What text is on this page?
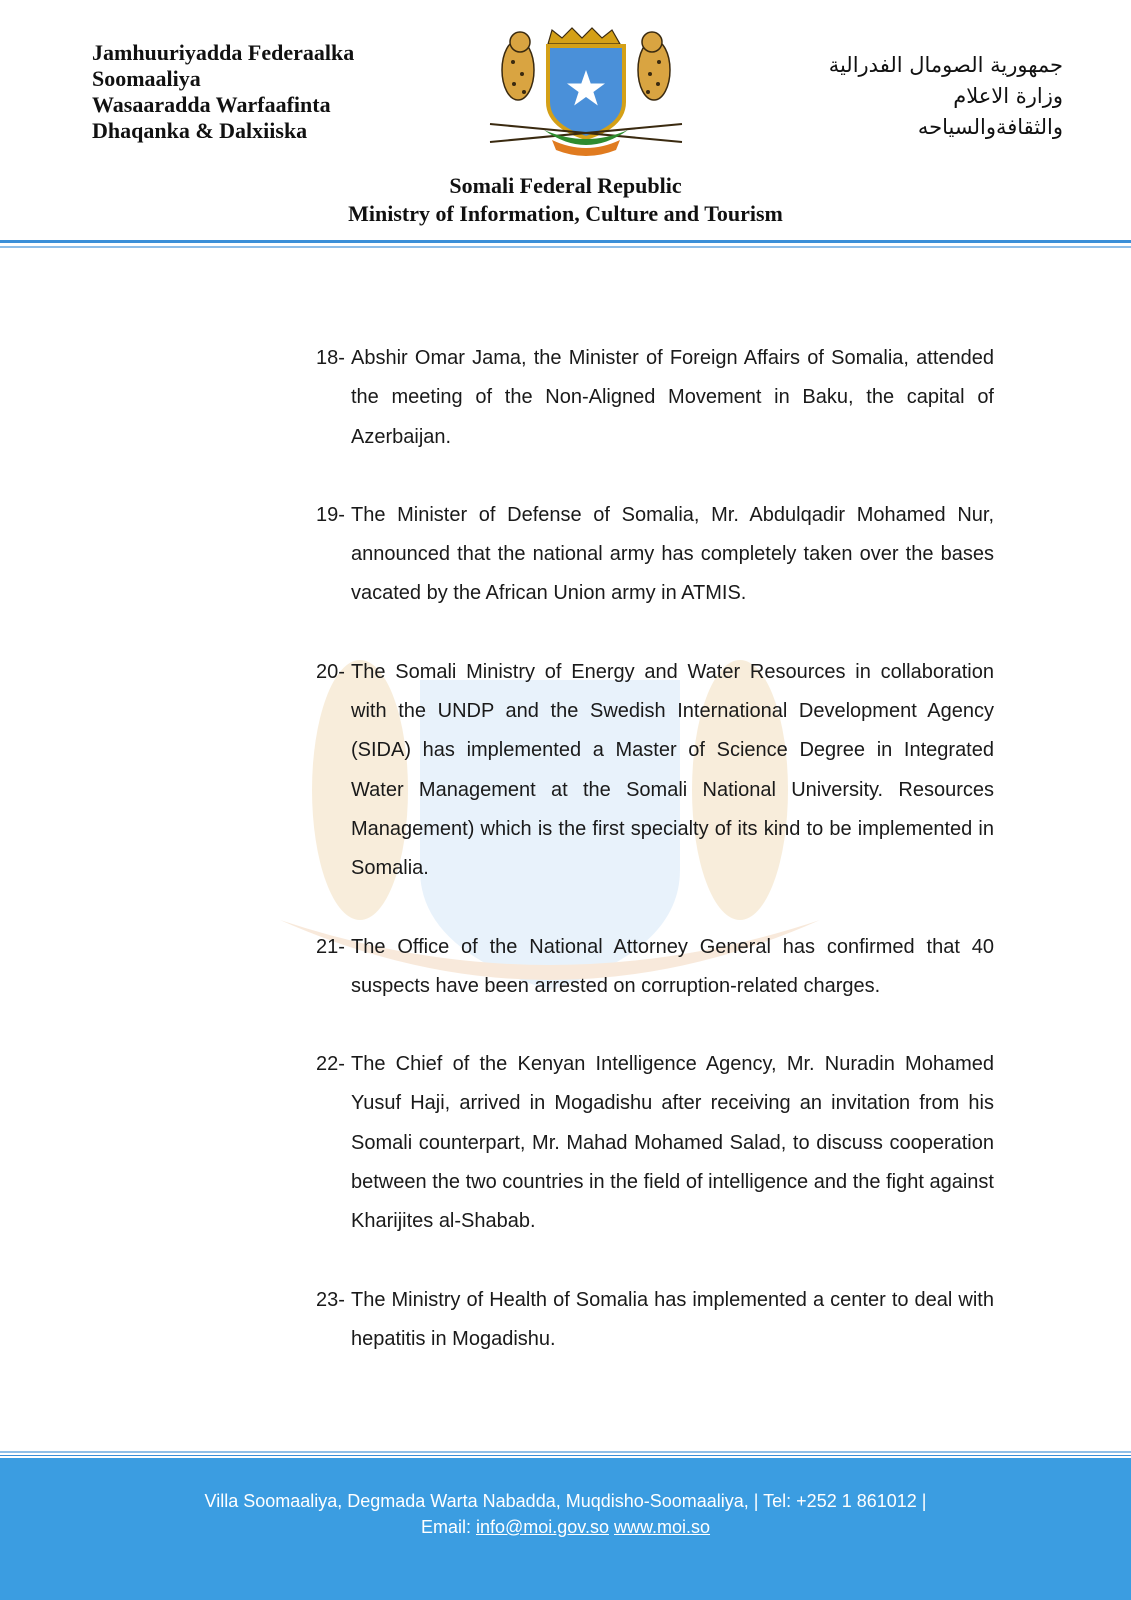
Jamhuuriyadda Federaalka
Soomaaliya
Wasaaradda Warfaafinta
Dhaqanka & Dalxiiska
جمهورية الصومال الفدرالية
وزارة الاعلام
والثقافةوالسياحه
Somali Federal Republic
Ministry of Information, Culture and Tourism
18- Abshir Omar Jama, the Minister of Foreign Affairs of Somalia, attended the meeting of the Non-Aligned Movement in Baku, the capital of Azerbaijan.
19- The Minister of Defense of Somalia, Mr. Abdulqadir Mohamed Nur, announced that the national army has completely taken over the bases vacated by the African Union army in ATMIS.
20- The Somali Ministry of Energy and Water Resources in collaboration with the UNDP and the Swedish International Development Agency (SIDA) has implemented a Master of Science Degree in Integrated Water Management at the Somali National University. Resources Management) which is the first specialty of its kind to be implemented in Somalia.
21- The Office of the National Attorney General has confirmed that 40 suspects have been arrested on corruption-related charges.
22- The Chief of the Kenyan Intelligence Agency, Mr. Nuradin Mohamed Yusuf Haji, arrived in Mogadishu after receiving an invitation from his Somali counterpart, Mr. Mahad Mohamed Salad, to discuss cooperation between the two countries in the field of intelligence and the fight against Kharijites al-Shabab.
23- The Ministry of Health of Somalia has implemented a center to deal with hepatitis in Mogadishu.
Villa Soomaaliya, Degmada Warta Nabadda, Muqdisho-Soomaaliya, | Tel: +252 1 861012 |
Email: info@moi.gov.so www.moi.so
